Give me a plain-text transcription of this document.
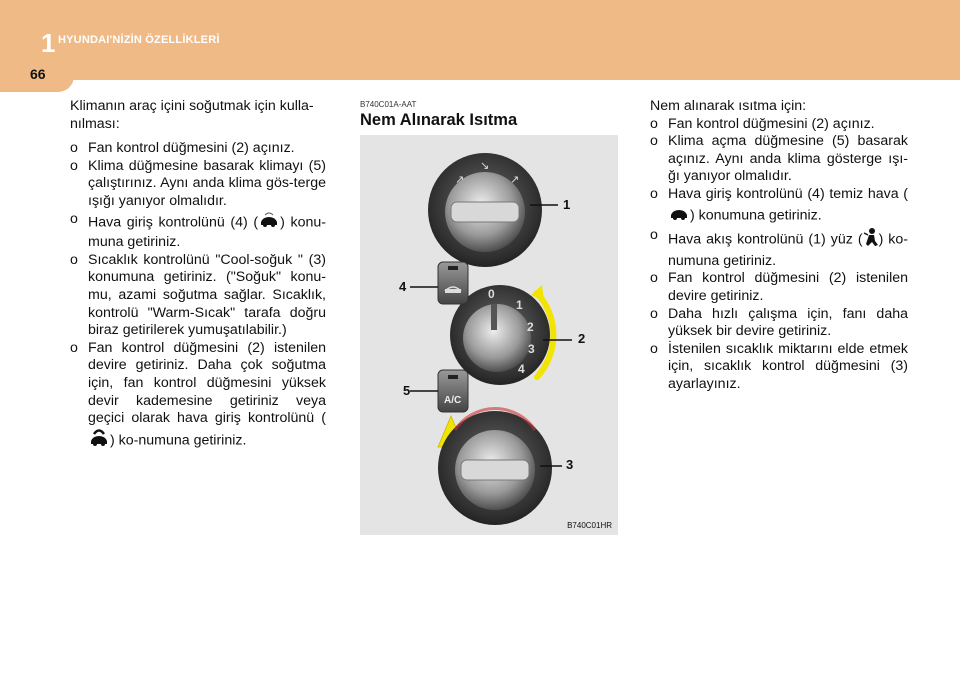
1 HYUNDAI'NİZİN ÖZELLİKLERİ
66

Klimanın araç içini soğutmak için kulla-nılması:

o Fan kontrol düğmesini (2) açınız.
o Klima düğmesine basarak klimayı (5) çalıştırınız. Aynı anda klima gös-terge ışığı yanıyor olmalıdır.
o Hava giriş kontrolünü (4) ( ) konu-muna getiriniz.
o Sıcaklık kontrolünü "Cool-soğuk " (3) konumuna getiriniz. ("Soğuk" konu-mu, azami soğutma sağlar. Sıcaklık, kontrolü "Warm-Sıcak" tarafa doğru biraz getirilerek yumuşatılabilir.)
o Fan kontrol düğmesini (2) istenilen devire getiriniz. Daha çok soğutma için, fan kontrol düğmesini yüksek devir kademesine getiriniz veya geçici olarak hava giriş kontrolünü () ko-numuna getiriniz.
B740C01A-AAT
Nem Alınarak Isıtma
↗
↘
↗
0
1
2
3
4
A/C
1
2
3
4
5
B740C01HR

Nem alınarak ısıtma için:

o Fan kontrol düğmesini (2) açınız.
o Klima açma düğmesine (5) basarak açınız. Aynı anda klima gösterge ışı-ğı yanıyor olmalıdır.
o Hava giriş kontrolünü (4) temiz hava () konumuna getiriniz.
o Hava akış kontrolünü (1) yüz ( ) ko-numuna getiriniz.
o Fan kontrol düğmesini (2) istenilen devire getiriniz.
o Daha hızlı çalışma için, fanı daha yüksek bir devire getiriniz.
o İstenilen sıcaklık miktarını elde etmek için, sıcaklık kontrol düğmesini (3) ayarlayınız.
